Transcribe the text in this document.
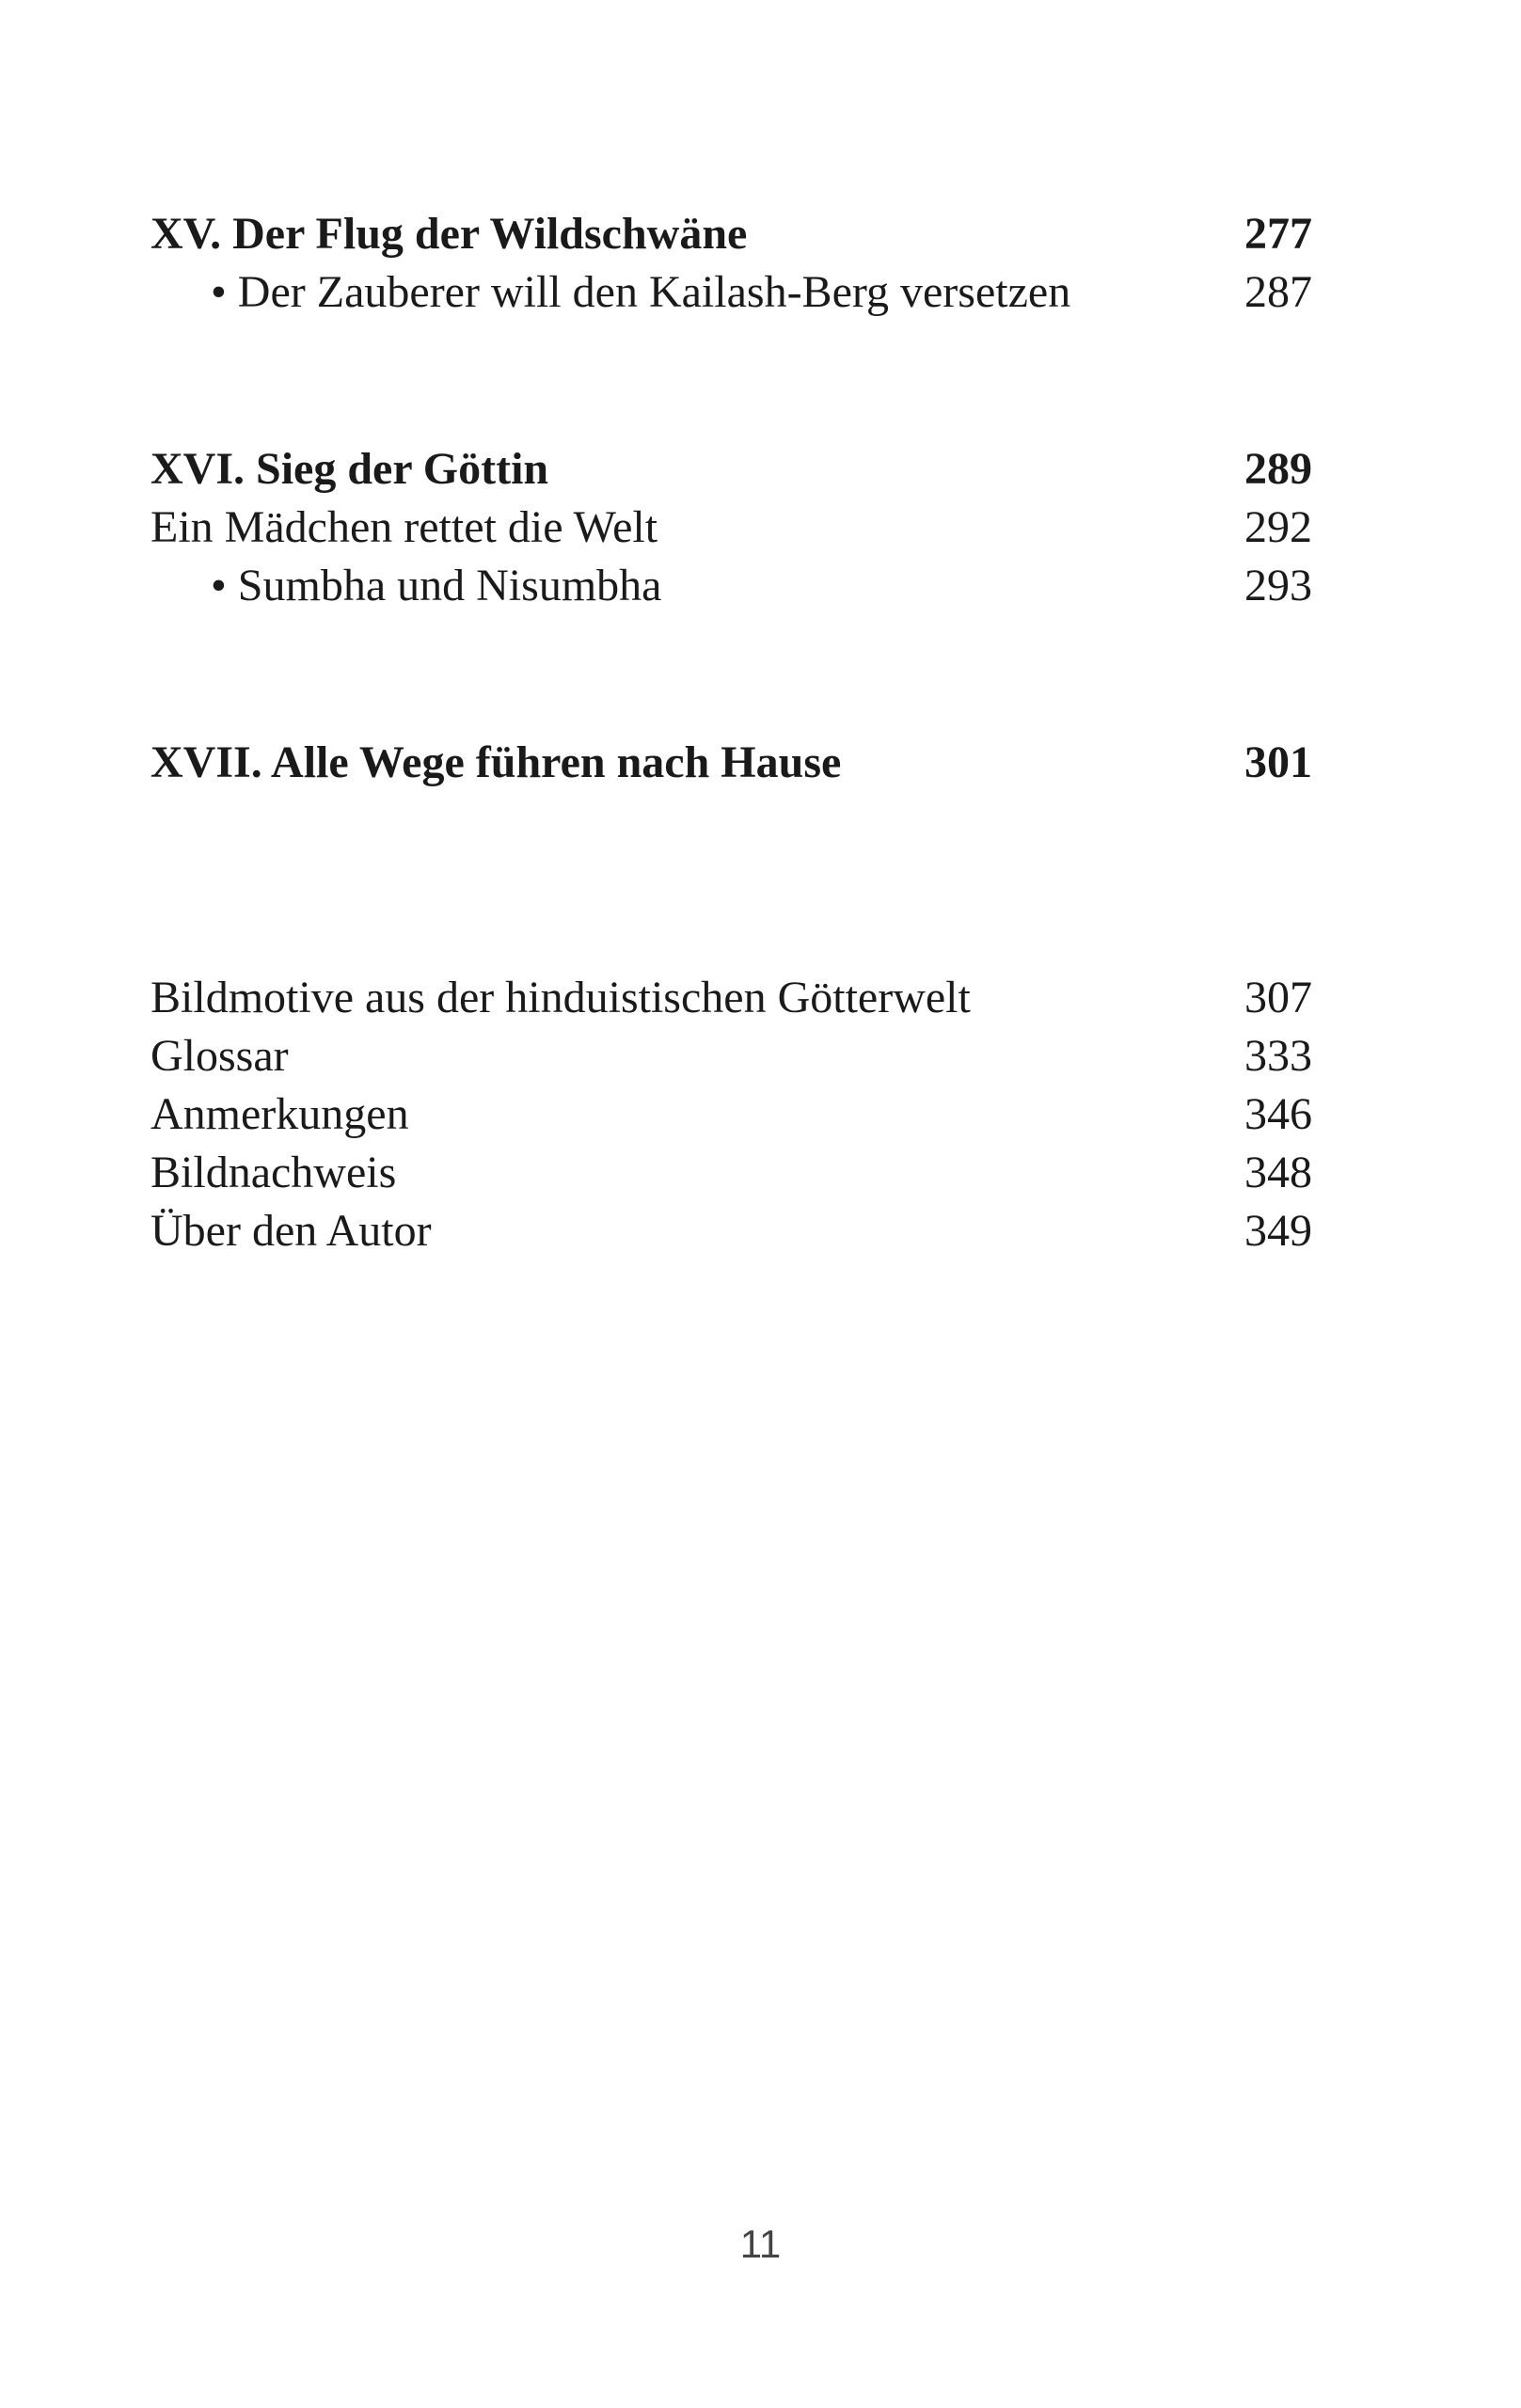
XV. Der Flug der Wildschwäne	277
• Der Zauberer will den Kailash-Berg versetzen	287
XVI. Sieg der Göttin	289
Ein Mädchen rettet die Welt	292
• Sumbha und Nisumbha	293
XVII. Alle Wege führen nach Hause	301
Bildmotive aus der hinduistischen Götterwelt	307
Glossar	333
Anmerkungen	346
Bildnachweis	348
Über den Autor	349
11
